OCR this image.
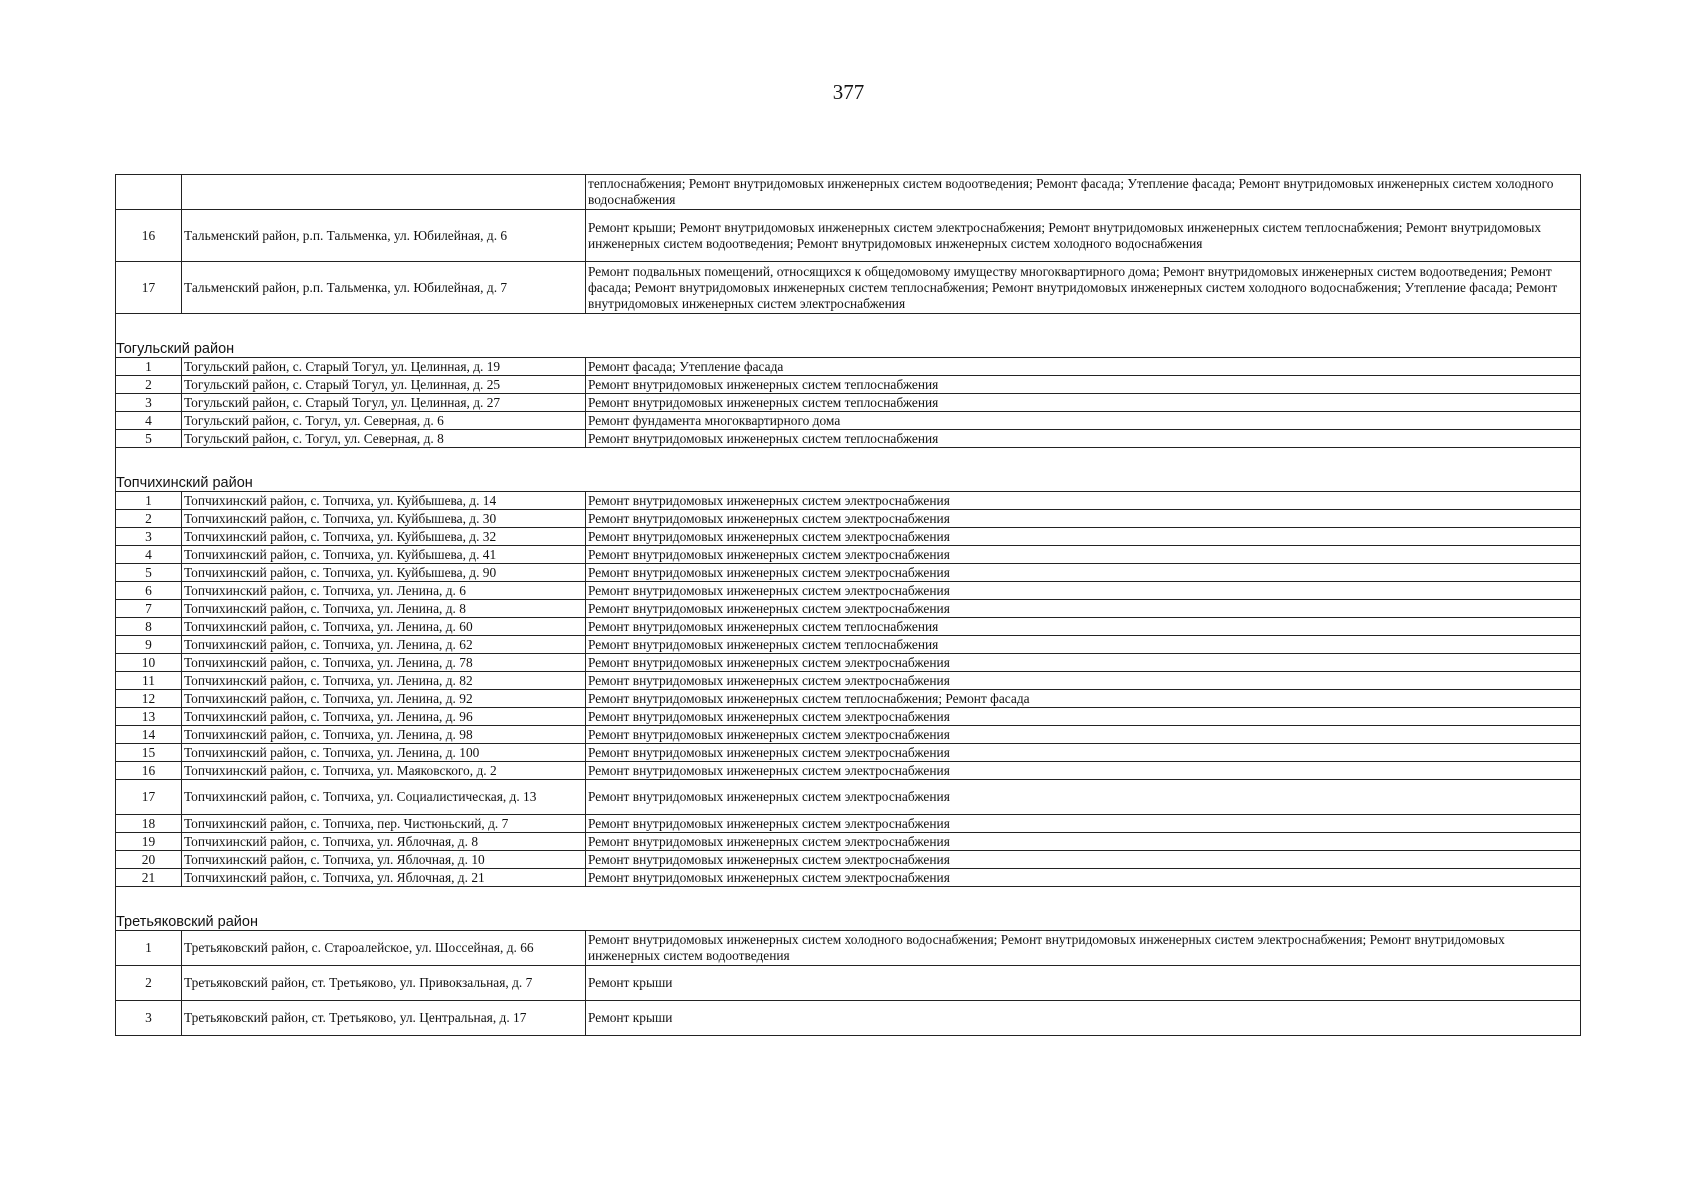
377
		теплоснабжения; Ремонт внутридомовых инженерных систем водоотведения; Ремонт фасада; Утепление фасада; Ремонт внутридомовых инженерных систем холодного водоснабжения
16	Тальменский район, р.п. Тальменка, ул. Юбилейная, д. 6	Ремонт крыши; Ремонт внутридомовых инженерных систем электроснабжения; Ремонт внутридомовых инженерных систем теплоснабжения; Ремонт внутридомовых инженерных систем водоотведения; Ремонт внутридомовых инженерных систем холодного водоснабжения
17	Тальменский район, р.п. Тальменка, ул. Юбилейная, д. 7	Ремонт подвальных помещений, относящихся к общедомовому имуществу многоквартирного дома; Ремонт внутридомовых инженерных систем водоотведения; Ремонт фасада; Ремонт внутридомовых инженерных систем теплоснабжения; Ремонт внутридомовых инженерных систем холодного водоснабжения; Утепление фасада; Ремонт внутридомовых инженерных систем электроснабжения

Тогульский район		
1	Тогульский район, с. Старый Тогул, ул. Целинная, д. 19	Ремонт фасада; Утепление фасада
2	Тогульский район, с. Старый Тогул, ул. Целинная, д. 25	Ремонт внутридомовых инженерных систем теплоснабжения
3	Тогульский район, с. Старый Тогул, ул. Целинная, д. 27	Ремонт внутридомовых инженерных систем теплоснабжения
4	Тогульский район, с. Тогул, ул. Северная, д. 6	Ремонт фундамента многоквартирного дома
5	Тогульский район, с. Тогул, ул. Северная, д. 8	Ремонт внутридомовых инженерных систем теплоснабжения

Топчихинский район		
1	Топчихинский район, с. Топчиха, ул. Куйбышева, д. 14	Ремонт внутридомовых инженерных систем электроснабжения
2	Топчихинский район, с. Топчиха, ул. Куйбышева, д. 30	Ремонт внутридомовых инженерных систем электроснабжения
3	Топчихинский район, с. Топчиха, ул. Куйбышева, д. 32	Ремонт внутридомовых инженерных систем электроснабжения
4	Топчихинский район, с. Топчиха, ул. Куйбышева, д. 41	Ремонт внутридомовых инженерных систем электроснабжения
5	Топчихинский район, с. Топчиха, ул. Куйбышева, д. 90	Ремонт внутридомовых инженерных систем электроснабжения
6	Топчихинский район, с. Топчиха, ул. Ленина, д. 6	Ремонт внутридомовых инженерных систем электроснабжения
7	Топчихинский район, с. Топчиха, ул. Ленина, д. 8	Ремонт внутридомовых инженерных систем электроснабжения
8	Топчихинский район, с. Топчиха, ул. Ленина, д. 60	Ремонт внутридомовых инженерных систем теплоснабжения
9	Топчихинский район, с. Топчиха, ул. Ленина, д. 62	Ремонт внутридомовых инженерных систем теплоснабжения
10	Топчихинский район, с. Топчиха, ул. Ленина, д. 78	Ремонт внутридомовых инженерных систем электроснабжения
11	Топчихинский район, с. Топчиха, ул. Ленина, д. 82	Ремонт внутридомовых инженерных систем электроснабжения
12	Топчихинский район, с. Топчиха, ул. Ленина, д. 92	Ремонт внутридомовых инженерных систем теплоснабжения; Ремонт фасада
13	Топчихинский район, с. Топчиха, ул. Ленина, д. 96	Ремонт внутридомовых инженерных систем электроснабжения
14	Топчихинский район, с. Топчиха, ул. Ленина, д. 98	Ремонт внутридомовых инженерных систем электроснабжения
15	Топчихинский район, с. Топчиха, ул. Ленина, д. 100	Ремонт внутридомовых инженерных систем электроснабжения
16	Топчихинский район, с. Топчиха, ул. Маяковского, д. 2	Ремонт внутридомовых инженерных систем электроснабжения
17	Топчихинский район, с. Топчиха, ул. Социалистическая, д. 13	Ремонт внутридомовых инженерных систем электроснабжения
18	Топчихинский район, с. Топчиха, пер. Чистюньский, д. 7	Ремонт внутридомовых инженерных систем электроснабжения
19	Топчихинский район, с. Топчиха, ул. Яблочная, д. 8	Ремонт внутридомовых инженерных систем электроснабжения
20	Топчихинский район, с. Топчиха, ул. Яблочная, д. 10	Ремонт внутридомовых инженерных систем электроснабжения
21	Топчихинский район, с. Топчиха, ул. Яблочная, д. 21	Ремонт внутридомовых инженерных систем электроснабжения

Третьяковский район		
1	Третьяковский район, с. Староалейское, ул. Шоссейная, д. 66	Ремонт внутридомовых инженерных систем холодного водоснабжения; Ремонт внутридомовых инженерных систем электроснабжения; Ремонт внутридомовых инженерных систем водоотведения
2	Третьяковский район, ст. Третьяково, ул. Привокзальная, д. 7	Ремонт крыши
3	Третьяковский район, ст. Третьяково, ул. Центральная, д. 17	Ремонт крыши
